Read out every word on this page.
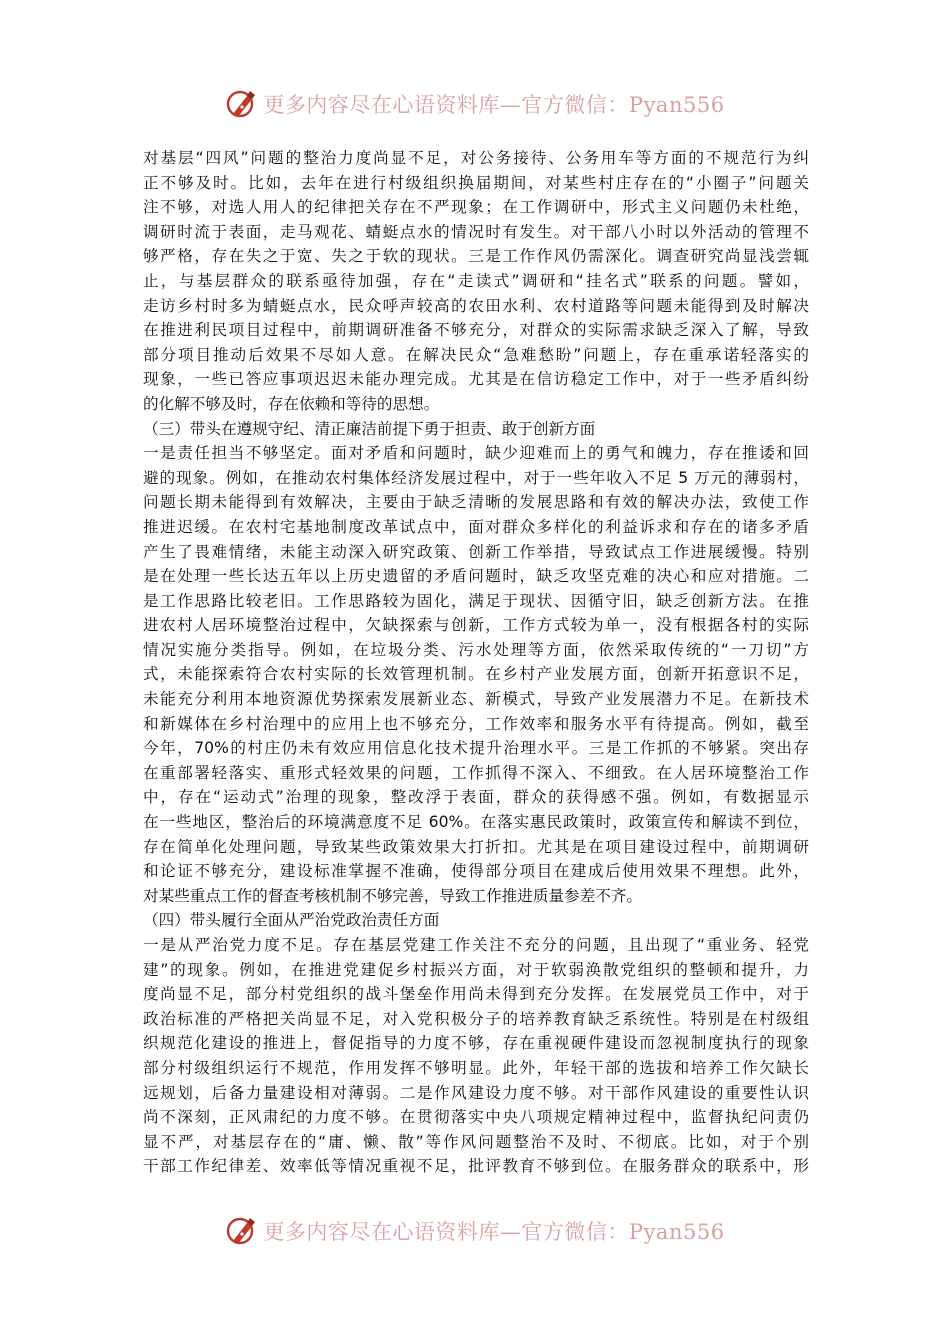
更多内容尽在心语资料库—官方微信：Pyan556
对基层“四风”问题的整治力度尚显不足，对公务接待、公务用车等方面的不规范行为纠
正不够及时。比如，去年在进行村级组织换届期间，对某些村庄存在的“小圈子”问题关
注不够，对选人用人的纪律把关存在不严现象；在工作调研中，形式主义问题仍未杜绝，
调研时流于表面，走马观花、蜻蜓点水的情况时有发生。对干部八小时以外活动的管理不
够严格，存在失之于宽、失之于软的现状。三是工作作风仍需深化。调查研究尚显浅尝辄
止，与基层群众的联系亟待加强，存在“走读式”调研和“挂名式”联系的问题。譬如，
走访乡村时多为蜻蜓点水，民众呼声较高的农田水利、农村道路等问题未能得到及时解决
在推进利民项目过程中，前期调研准备不够充分，对群众的实际需求缺乏深入了解，导致
部分项目推动后效果不尽如人意。在解决民众“急难愁盼”问题上，存在重承诺轻落实的
现象，一些已答应事项迟迟未能办理完成。尤其是在信访稳定工作中，对于一些矛盾纠纷
的化解不够及时，存在依赖和等待的思想。
（三）带头在遵规守纪、清正廉洁前提下勇于担责、敢于创新方面
一是责任担当不够坚定。面对矛盾和问题时，缺少迎难而上的勇气和魄力，存在推诿和回
避的现象。例如，在推动农村集体经济发展过程中，对于一些年收入不足 5 万元的薄弱村，
问题长期未能得到有效解决，主要由于缺乏清晰的发展思路和有效的解决办法，致使工作
推进迟缓。在农村宅基地制度改革试点中，面对群众多样化的利益诉求和存在的诸多矛盾
产生了畏难情绪，未能主动深入研究政策、创新工作举措，导致试点工作进展缓慢。特别
是在处理一些长达五年以上历史遗留的矛盾问题时，缺乏攻坚克难的决心和应对措施。二
是工作思路比较老旧。工作思路较为固化，满足于现状、因循守旧，缺乏创新方法。在推
进农村人居环境整治过程中，欠缺探索与创新，工作方式较为单一，没有根据各村的实际
情况实施分类指导。例如，在垃圾分类、污水处理等方面，依然采取传统的“一刀切”方
式，未能探索符合农村实际的长效管理机制。在乡村产业发展方面，创新开拓意识不足，
未能充分利用本地资源优势探索发展新业态、新模式，导致产业发展潜力不足。在新技术
和新媒体在乡村治理中的应用上也不够充分，工作效率和服务水平有待提高。例如，截至
今年，70%的村庄仍未有效应用信息化技术提升治理水平。三是工作抓的不够紧。突出存
在重部署轻落实、重形式轻效果的问题，工作抓得不深入、不细致。在人居环境整治工作
中，存在“运动式”治理的现象，整改浮于表面，群众的获得感不强。例如，有数据显示
在一些地区，整治后的环境满意度不足 60%。在落实惠民政策时，政策宣传和解读不到位，
存在简单化处理问题，导致某些政策效果大打折扣。尤其是在项目建设过程中，前期调研
和论证不够充分，建设标准掌握不准确，使得部分项目在建成后使用效果不理想。此外，
对某些重点工作的督查考核机制不够完善，导致工作推进质量参差不齐。
（四）带头履行全面从严治党政治责任方面
一是从严治党力度不足。存在基层党建工作关注不充分的问题，且出现了“重业务、轻党
建”的现象。例如，在推进党建促乡村振兴方面，对于软弱涣散党组织的整顿和提升，力
度尚显不足，部分村党组织的战斗堡垒作用尚未得到充分发挥。在发展党员工作中，对于
政治标准的严格把关尚显不足，对入党积极分子的培养教育缺乏系统性。特别是在村级组
织规范化建设的推进上，督促指导的力度不够，存在重视硬件建设而忽视制度执行的现象
部分村级组织运行不规范，作用发挥不够明显。此外，年轻干部的选拔和培养工作欠缺长
远规划，后备力量建设相对薄弱。二是作风建设力度不够。对干部作风建设的重要性认识
尚不深刻，正风肃纪的力度不够。在贯彻落实中央八项规定精神过程中，监督执纪问责仍
显不严，对基层存在的“庸、懒、散”等作风问题整治不及时、不彻底。比如，对于个别
干部工作纪律差、效率低等情况重视不足，批评教育不够到位。在服务群众的联系中，形
更多内容尽在心语资料库—官方微信：Pyan556
